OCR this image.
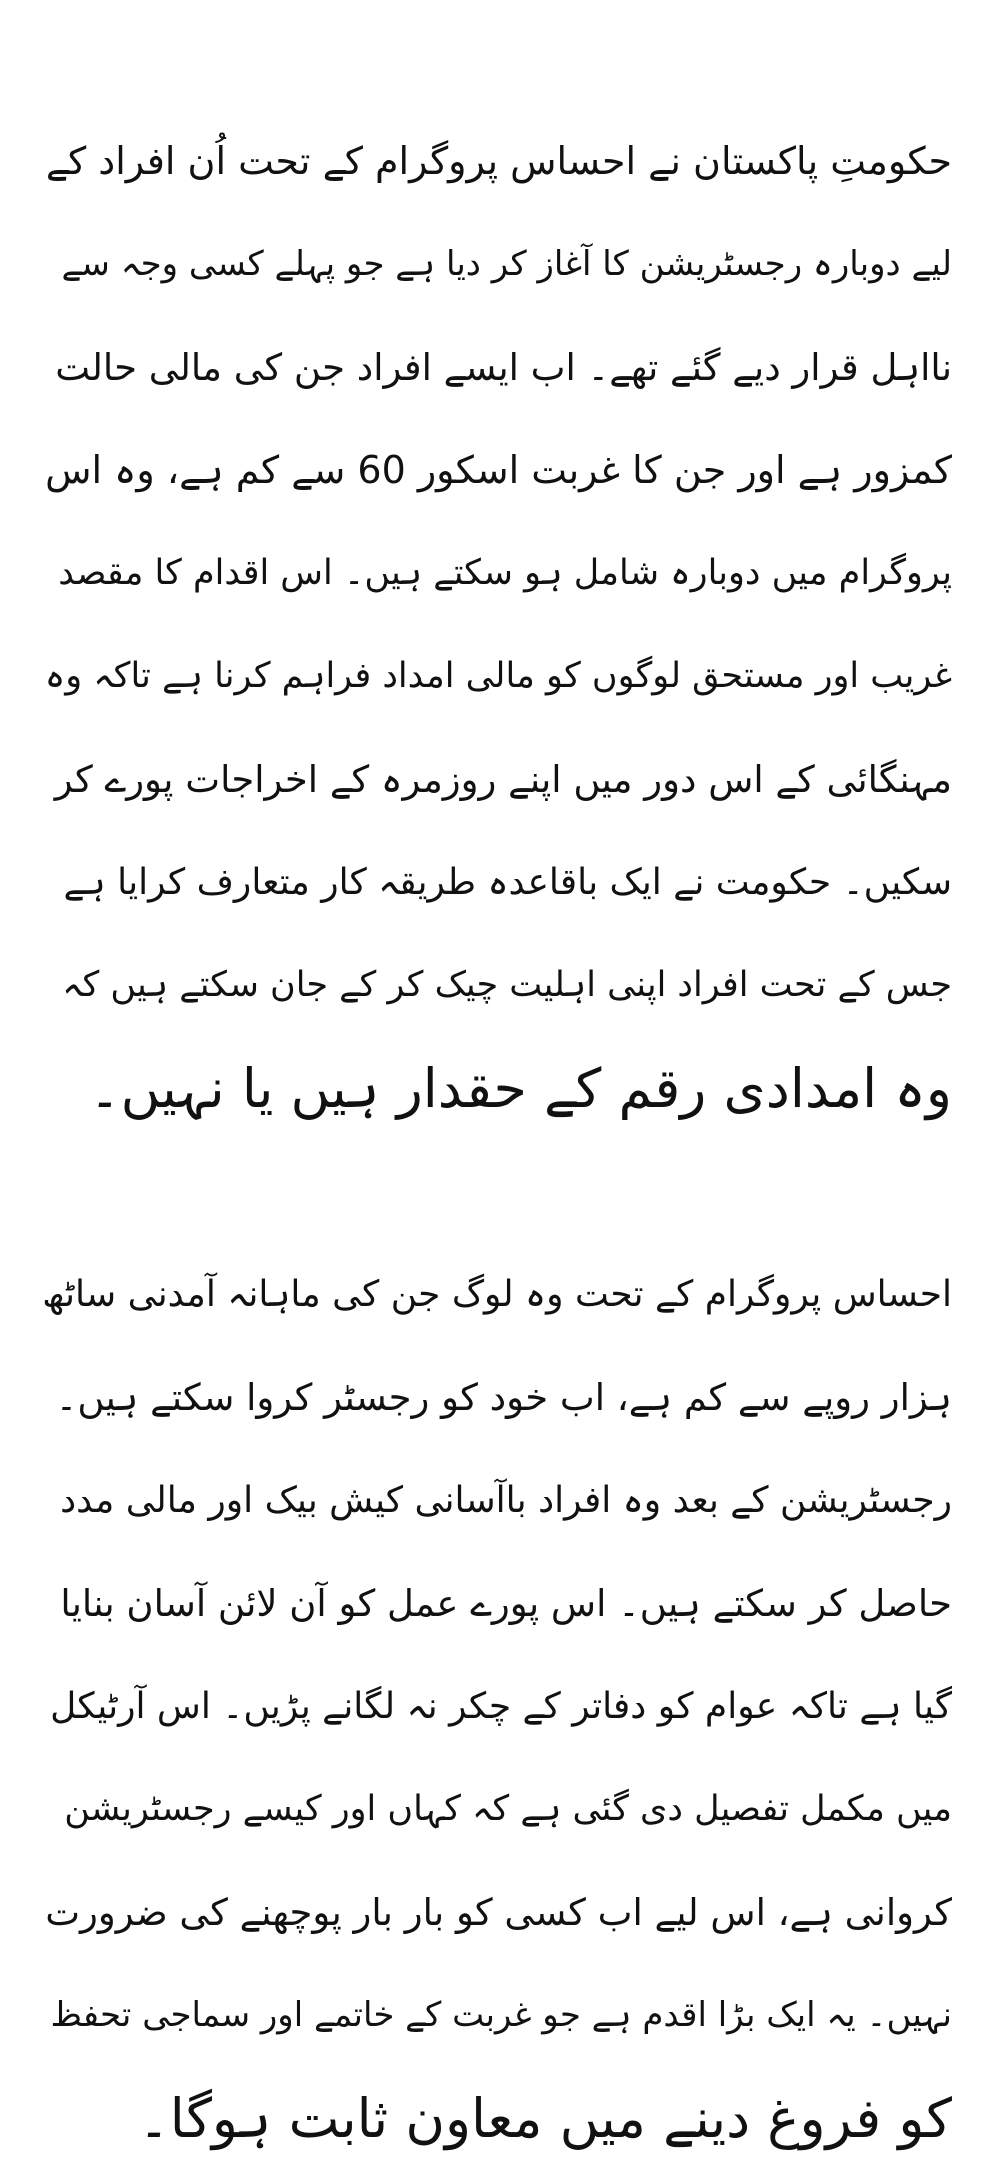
حکومتِ پاکستان نے احساس پروگرام کے تحت اُن افراد کے
لیے دوبارہ رجسٹریشن کا آغاز کر دیا ہے جو پہلے کسی وجہ سے
نااہل قرار دیے گئے تھے۔ اب ایسے افراد جن کی مالی حالت
کمزور ہے اور جن کا غربت اسکور 60 سے کم ہے، وہ اس
پروگرام میں دوبارہ شامل ہو سکتے ہیں۔ اس اقدام کا مقصد
غریب اور مستحق لوگوں کو مالی امداد فراہم کرنا ہے تاکہ وہ
مہنگائی کے اس دور میں اپنے روزمرہ کے اخراجات پورے کر
سکیں۔ حکومت نے ایک باقاعدہ طریقہ کار متعارف کرایا ہے
جس کے تحت افراد اپنی اہلیت چیک کر کے جان سکتے ہیں کہ
وہ امدادی رقم کے حقدار ہیں یا نہیں۔
احساس پروگرام کے تحت وہ لوگ جن کی ماہانہ آمدنی ساٹھ
ہزار روپے سے کم ہے، اب خود کو رجسٹر کروا سکتے ہیں۔
رجسٹریشن کے بعد وہ افراد باآسانی کیش بیک اور مالی مدد
حاصل کر سکتے ہیں۔ اس پورے عمل کو آن لائن آسان بنایا
گیا ہے تاکہ عوام کو دفاتر کے چکر نہ لگانے پڑیں۔ اس آرٹیکل
میں مکمل تفصیل دی گئی ہے کہ کہاں اور کیسے رجسٹریشن
کروانی ہے، اس لیے اب کسی کو بار بار پوچھنے کی ضرورت
نہیں۔ یہ ایک بڑا اقدم ہے جو غربت کے خاتمے اور سماجی تحفظ
کو فروغ دینے میں معاون ثابت ہوگا۔
